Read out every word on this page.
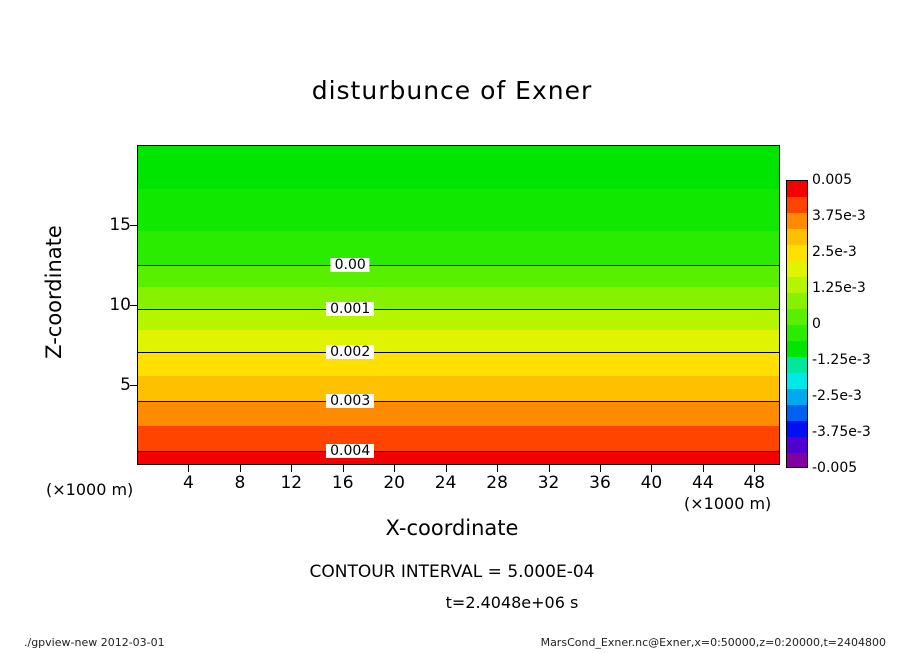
disturbunce of Exner
0.00
0.001
0.002
0.003
0.004
4 8 12 16 20 24 28 32 36 40 44 48
5
10
15
X-coordinate
Z-coordinate
(×1000 m)
(×1000 m)
0.005
3.75e-3
2.5e-3
1.25e-3
0
-1.25e-3
-2.5e-3
-3.75e-3
-0.005
CONTOUR INTERVAL = 5.000E-04
t=2.4048e+06 s
./gpview-new 2012-03-01	MarsCond_Exner.nc@Exner,x=0:50000,z=0:20000,t=2404800
